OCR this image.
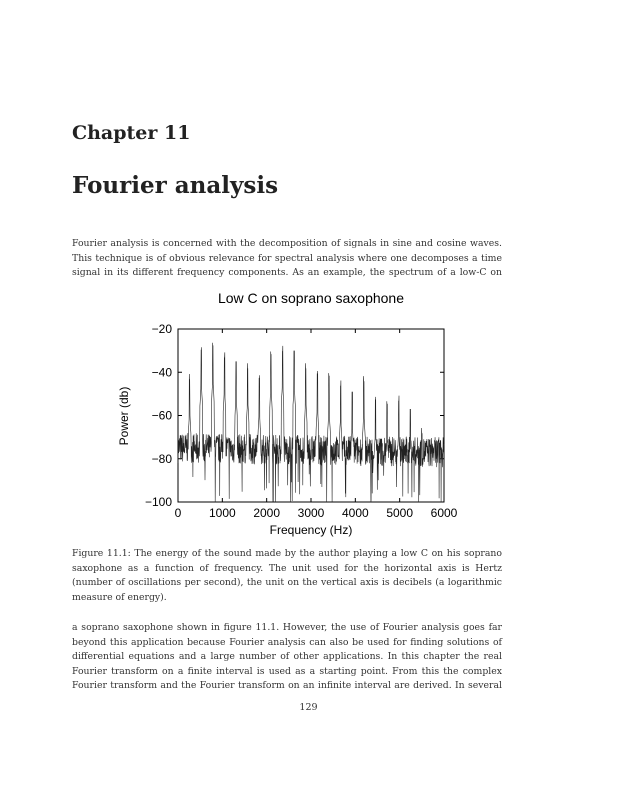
Chapter 11
Fourier analysis
Fourier analysis is concerned with the decomposition of signals in sine and cosine waves.
This technique is of obvious relevance for spectral analysis where one decomposes a time
signal in its different frequency components. As an example, the spectrum of a low-C on
Low C on soprano saxophone
−20
−40
−60
−80
−100
0 1000 2000 3000 4000 5000 6000
Frequency (Hz)
Power (db)
Figure 11.1: The energy of the sound made by the author playing a low C on his soprano
saxophone as a function of frequency. The unit used for the horizontal axis is Hertz
(number of oscillations per second), the unit on the vertical axis is decibels (a logarithmic
measure of energy).
a soprano saxophone shown in figure 11.1. However, the use of Fourier analysis goes far
beyond this application because Fourier analysis can also be used for finding solutions of
differential equations and a large number of other applications. In this chapter the real
Fourier transform on a finite interval is used as a starting point. From this the complex
Fourier transform and the Fourier transform on an infinite interval are derived. In several
129
